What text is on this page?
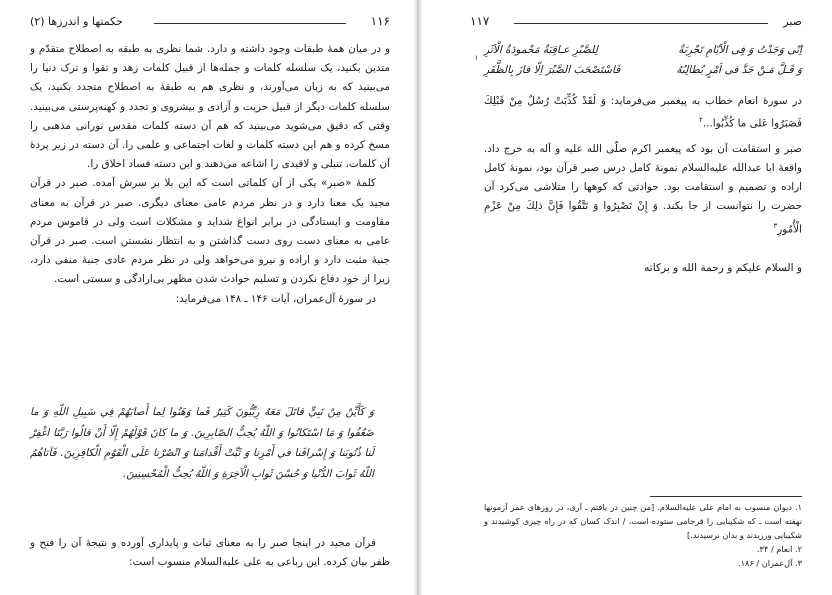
۱۱۶
حکمتها و اندرزها (۲)

و در میان همهٔ طبقات وجود داشته و دارد. شما نظری به طبقه به اصطلاح متقدّم و متدین بکنید، یک سلسله کلمات و جمله‌ها از قبیل کلمات زهد و تقوا و ترک دنیا را می‌بینید که به زبان می‌آورند، و نظری هم به طبقهٔ به اصطلاح متجدد بکنید، یک سلسله کلمات دیگر از قبیل حریت و آزادی و بیشروی و تجدد و کهنه‌پرستی می‌بینید. وقتی که دقیق می‌شوید می‌بینید که هم آن دسته کلمات مقدس نورانی مذهبی را مسخ کرده و هم این دسته کلمات و لغات اجتماعی و علمی را. آن دسته در زیر پردهٔ آن کلمات، تنبلی و لاقیدی را اشاعه می‌دهند و این دسته فساد اخلاق را.

کلمهٔ «صبر» یکی از آن کلماتی است که این بلا بر سرش آمده. صبر در قرآن مجید یک معنا دارد و در نظر مردم عامی معنای دیگری. صبر در قرآن به معنای مقاومت و ایستادگی در برابر انواع شداید و مشکلات است ولی در قاموس مردم عامی به معنای دست روی دست گذاشتن و به انتظار نشستن است. صبر در قرآن جنبهٔ مثبت دارد و اراده و نیرو می‌خواهد ولی در نظر مردم عادی جنبهٔ منفی دارد، زیرا از خود دفاع نکردن و تسلیم حوادث شدن مظهر بی‌ارادگی و سستی است.

در سورهٔ آل‌عمران، آیات ۱۴۶ ـ ۱۴۸ می‌فرماید:

وَ كَأَيِّنْ مِنْ نَبِيٍّ قاتَلَ مَعَهُ رِبِّيُّونَ كَثِيرٌ فَما وَهَنُوا لِما أَصابَهُمْ فِي سَبِيلِ اللّهِ وَ ما ضَعُفُوا وَ مَا اسْتَكانُوا وَ اللّهُ يُحِبُّ الصّابِرِينَ. وَ ما كانَ قَوْلَهُمْ إِلّا أَنْ قالُوا رَبَّنَا اغْفِرْ لَنا ذُنُوبَنا وَ إِسْرافَنا في أَمْرِنا وَ ثَبِّتْ أَقْدامَنا وَ انْصُرْنا عَلَى الْقَوْمِ الْكافِرِينَ. فَآتاهُمُ اللّهُ ثَوابَ الدُّنْيا وَ حُسْنَ ثَوابِ الْآخِرَةِ وَ اللّهُ يُحِبُّ الْمُحْسِنِينَ.

قرآن مجید در اینجا صبر را به معنای ثبات و پایداری آورده و نتیجهٔ آن را فتح و ظفر بیان کرده. این رباعی به علی علیه‌السلام منسوب است:

صبر
۱۱۷
اِنّی وَجَدْتُ وَ فِی الْاَیّامِ تَجْرِبَةٌ
لِلصَّبْرِ عـاقِبَةٌ مَحْمودَةُ الْاَثَرِ
وَ قَـلَّ مَـنْ جَدَّ فی اَمْرٍ یُطالِبُهُ
فَاسْتَصْحَبَ الصَّبْرَ اِلّا فازَ بِالظَّفَرِ
۱

در سورهٔ انعام خطاب به پیغمبر می‌فرماید: وَ لَقَدْ كُذِّبَتْ رُسُلٌ مِنْ قَبْلِكَ فَصَبَرُوا عَلى ما كُذِّبُوا...$^۲$

صبر و استقامت آن بود که پیغمبر اکرم صلّی الله علیه و آله به خرج داد. واقعهٔ ابا عبدالله علیه‌السلام نمونهٔ کامل درس صبر قرآن بود، نمونهٔ کامل اراده و تصمیم و استقامت بود. حوادثی که کوهها را متلاشی می‌کرد آن حضرت را نتوانست از جا بکند. وَ إِنْ تَصْبِرُوا وَ تَتَّقُوا فَإِنَّ ذلِكَ مِنْ عَزْمِ الْأُمُورِ$^۳$

و السلام علیکم و رحمة الله و برکاته

۱. دیوان منسوب به امام علی علیه‌السلام. [من چنین در یافتم ـ آری، در روزهای عمر آزمونها نهفته است ـ که شکیبایی را فرجامی ستوده است، / اندک کسان که در راه چیزی کوشیدند و شکیبایی ورزیدند و بدان نرسیدند.]

۲. انعام / ۳۴.

۳. آل‌عمران / ۱۸۶.
